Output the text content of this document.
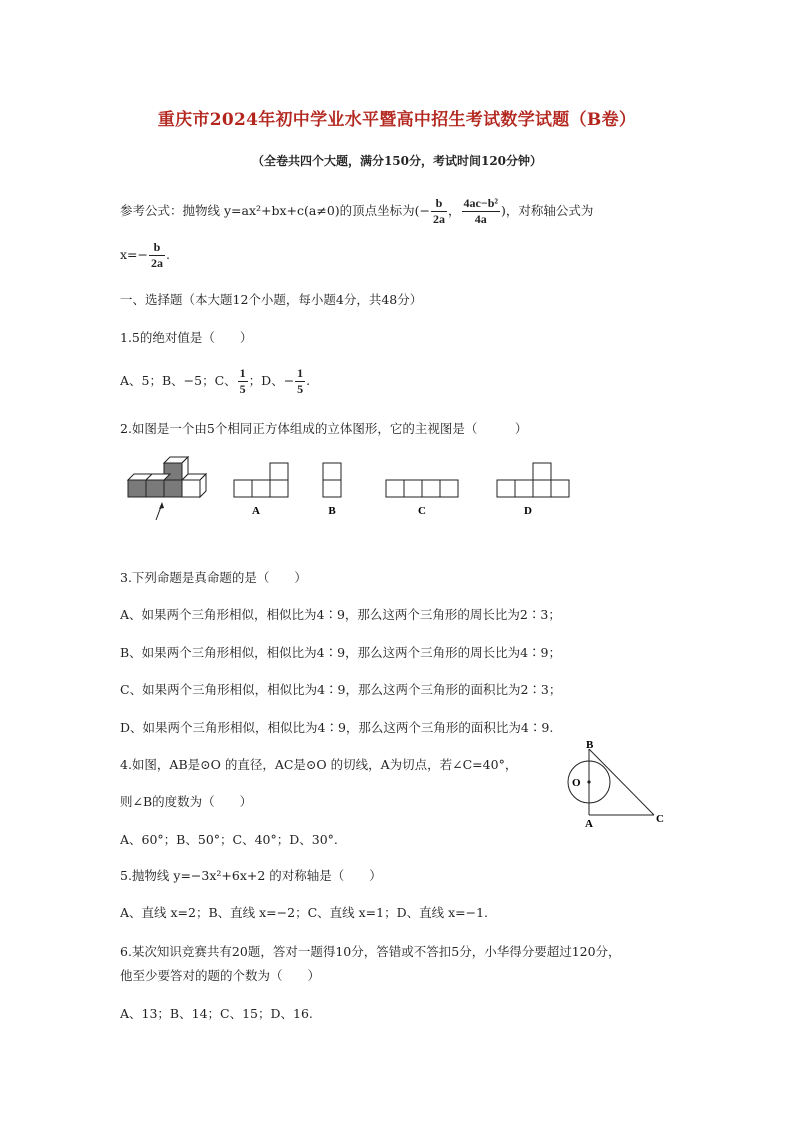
重庆市2024年初中学业水平暨高中招生考试数学试题（B卷）
（全卷共四个大题，满分150分，考试时间120分钟）
参考公式：抛物线 y=ax²+bx+c(a≠0)的顶点坐标为(− $\frac{b}{2a}$ ， $\frac{\text{4ac−b²}}{4a}$ )，对称轴公式为
$x=- \frac{b}{2a}$ .
一、选择题（本大题12个小题，每小题4分，共48分）
1.5的绝对值是（　　）
A、5；B、−5；C、 $\frac{1}{5}$ ；D、− $\frac{1}{5}$ .
2.如图是一个由5个相同正方体组成的立体图形，它的主视图是（　　　）
A	B	C	D
3.下列命题是真命题的是（　　）
A、如果两个三角形相似，相似比为4∶9，那么这两个三角形的周长比为2∶3；
B、如果两个三角形相似，相似比为4∶9，那么这两个三角形的周长比为4∶9；
C、如果两个三角形相似，相似比为4∶9，那么这两个三角形的面积比为2∶3；
D、如果两个三角形相似，相似比为4∶9，那么这两个三角形的面积比为4∶9.
4.如图，AB是⊙O 的直径，AC是⊙O 的切线，A为切点，若∠C=40°，
则∠B的度数为（　　）
A、60°；B、50°；C、40°；D、30°.
B
O
A	C
5.抛物线 y=−3x²+6x+2 的对称轴是（　　）
A、直线 x=2；B、直线 x=−2；C、直线 x=1；D、直线 x=−1.
6.某次知识竞赛共有20题，答对一题得10分，答错或不答扣5分，小华得分要超过120分，
他至少要答对的题的个数为（　　）
A、13；B、14；C、15；D、16.
